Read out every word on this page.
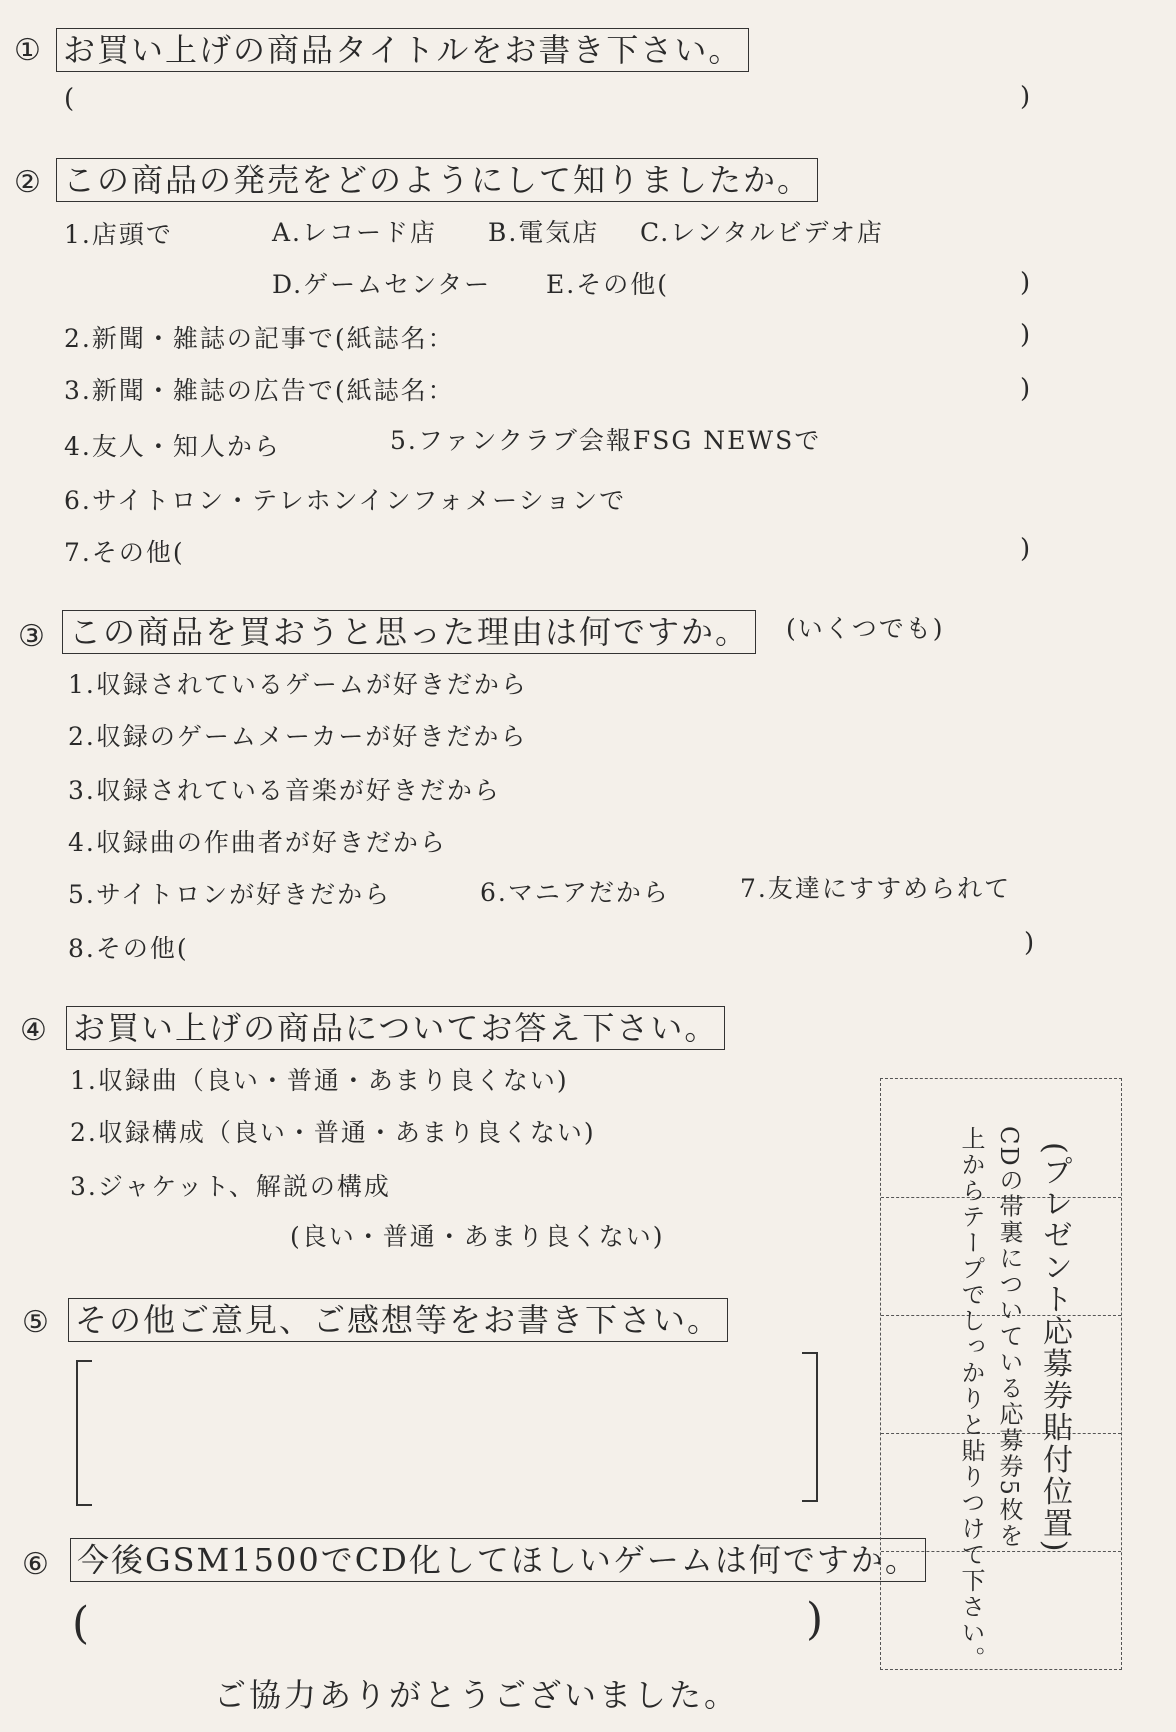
① お買い上げの商品タイトルをお書き下さい。
(	)
② この商品の発売をどのようにして知りましたか。
1.店頭で	A.レコード店 B.電気店 C.レンタルビデオ店
D.ゲームセンター E.その他(	)
2.新聞・雑誌の記事で(紙誌名：	)
3.新聞・雑誌の広告で(紙誌名：	)
4.友人・知人から	5.ファンクラブ会報FSG NEWSで
6.サイトロン・テレホンインフォメーションで
7.その他(	)
③ この商品を買おうと思った理由は何ですか。 (いくつでも)
1.収録されているゲームが好きだから
2.収録のゲームメーカーが好きだから
3.収録されている音楽が好きだから
4.収録曲の作曲者が好きだから
5.サイトロンが好きだから	6.マニアだから	7.友達にすすめられて
8.その他(	)
④ お買い上げの商品についてお答え下さい。
1.収録曲（良い・普通・あまり良くない)
2.収録構成（良い・普通・あまり良くない)
3.ジャケット、解説の構成
(良い・普通・あまり良くない)
⑤ その他ご意見、ご感想等をお書き下さい。
⑥ 今後GSM1500でCD化してほしいゲームは何ですか。
(	)
ご協力ありがとうございました。
(プレゼント応募券貼付位置)
CDの帯裏についている応募券5枚を
上からテープでしっかりと貼りつけて下さい。
